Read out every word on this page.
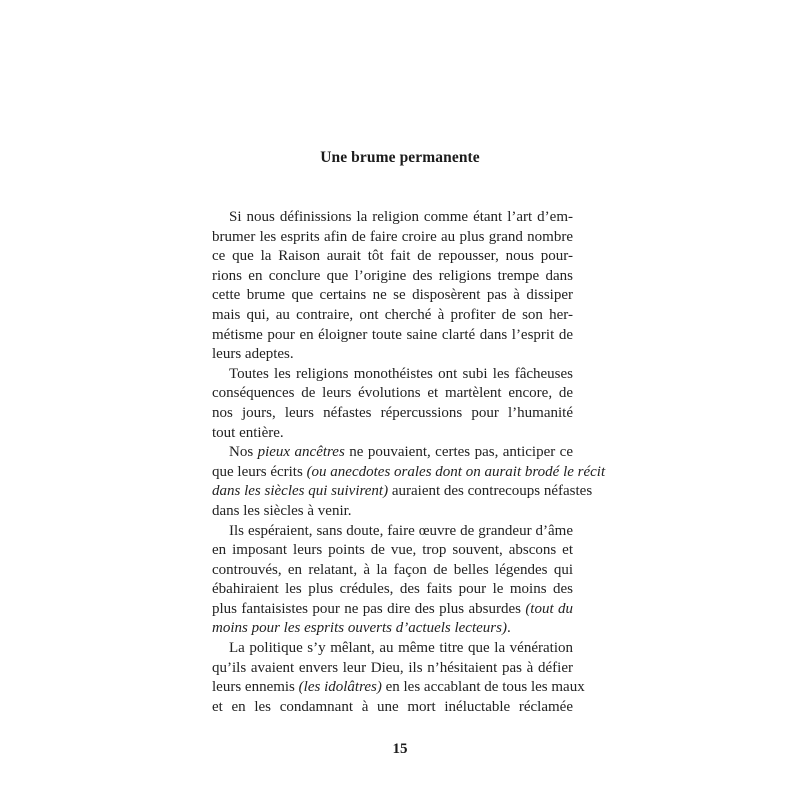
Une brume permanente
Si nous définissions la religion comme étant l’art d’em-
brumer les esprits afin de faire croire au plus grand nombre
ce que la Raison aurait tôt fait de repousser, nous pour-
rions en conclure que l’origine des religions trempe dans
cette brume que certains ne se disposèrent pas à dissiper
mais qui, au contraire, ont cherché à profiter de son her-
métisme pour en éloigner toute saine clarté dans l’esprit de
leurs adeptes.
Toutes les religions monothéistes ont subi les fâcheuses
conséquences de leurs évolutions et martèlent encore, de
nos jours, leurs néfastes répercussions pour l’humanité
tout entière.
Nos pieux ancêtres ne pouvaient, certes pas, anticiper ce
que leurs écrits (ou anecdotes orales dont on aurait brodé le récit
dans les siècles qui suivirent) auraient des contrecoups néfastes
dans les siècles à venir.
Ils espéraient, sans doute, faire œuvre de grandeur d’âme
en imposant leurs points de vue, trop souvent, abscons et
controuvés, en relatant, à la façon de belles légendes qui
ébahiraient les plus crédules, des faits pour le moins des
plus fantaisistes pour ne pas dire des plus absurdes (tout du
moins pour les esprits ouverts d’actuels lecteurs).
La politique s’y mêlant, au même titre que la vénération
qu’ils avaient envers leur Dieu, ils n’hésitaient pas à défier
leurs ennemis (les idolâtres) en les accablant de tous les maux
et en les condamnant à une mort inéluctable réclamée
15
